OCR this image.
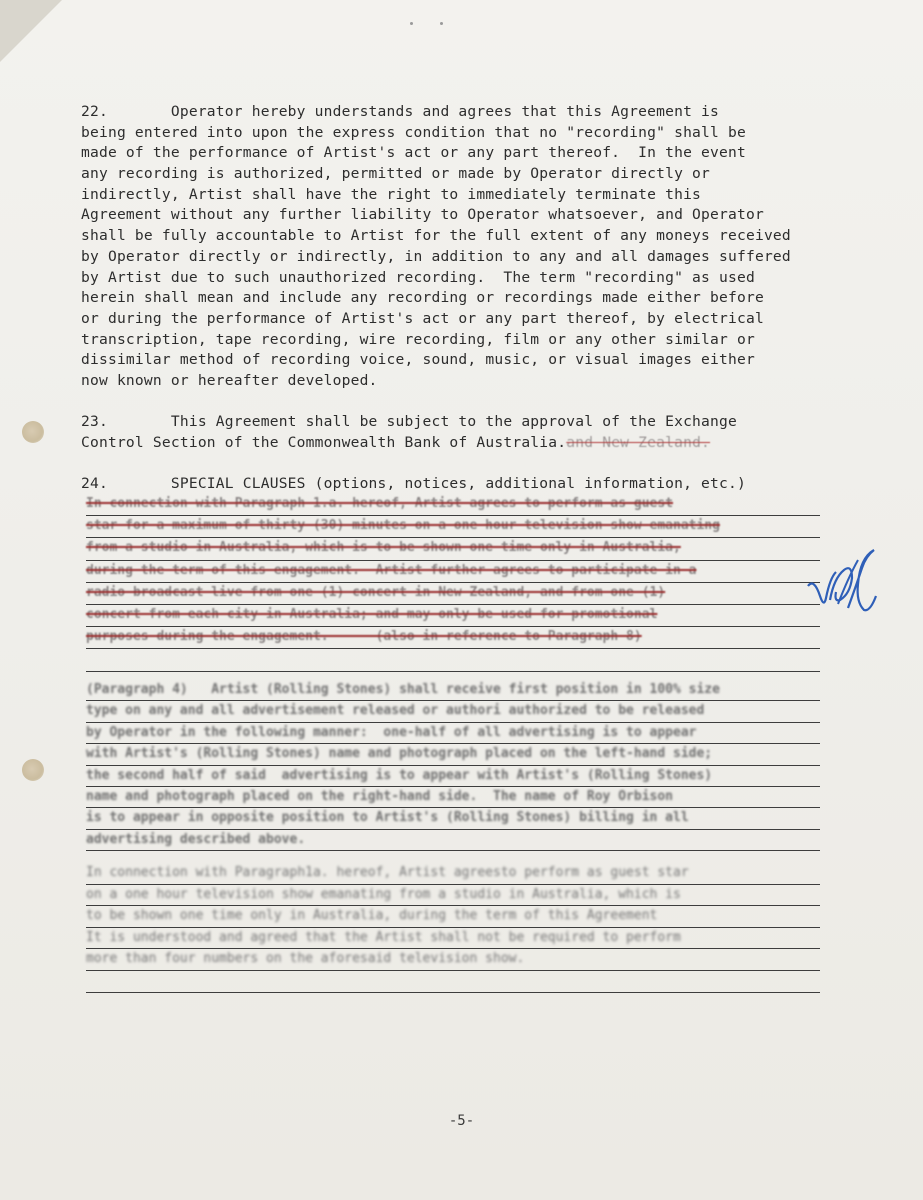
22.       Operator hereby understands and agrees that this Agreement is
being entered into upon the express condition that no "recording" shall be
made of the performance of Artist's act or any part thereof.  In the event
any recording is authorized, permitted or made by Operator directly or
indirectly, Artist shall have the right to immediately terminate this
Agreement without any further liability to Operator whatsoever, and Operator
shall be fully accountable to Artist for the full extent of any moneys received
by Operator directly or indirectly, in addition to any and all damages suffered
by Artist due to such unauthorized recording.  The term "recording" as used
herein shall mean and include any recording or recordings made either before
or during the performance of Artist's act or any part thereof, by electrical
transcription, tape recording, wire recording, film or any other similar or
dissimilar method of recording voice, sound, music, or visual images either
now known or hereafter developed.
23.       This Agreement shall be subject to the approval of the Exchange
Control Section of the Commonwealth Bank of Australia.and New Zealand.
24.       SPECIAL CLAUSES (options, notices, additional information, etc.)
In connection with Paragraph 1.a. hereof, Artist agrees to perform as guest
star for a maximum of thirty (30) minutes on a one-hour television show emanating
from a studio in Australia, which is to be shown one time only in Australia,
during the term of this engagement.  Artist further agrees to participate in a
radio broadcast live from one (1) concert in New Zealand, and from one (1)
concert from each city in Australia; and may only be used for promotional
purposes during the engagement.      (also in reference to Paragraph 8)
(Paragraph 4)   Artist (Rolling Stones) shall receive first position in 100% size
type on any and all advertisement released or authori authorized to be released
by Operator in the following manner:  one-half of all advertising is to appear
with Artist's (Rolling Stones) name and photograph placed on the left-hand side;
the second half of said  advertising is to appear with Artist's (Rolling Stones)
name and photograph placed on the right-hand side.  The name of Roy Orbison
is to appear in opposite position to Artist's (Rolling Stones) billing in all
advertising described above.
In connection with Paragraph1a. hereof, Artist agreesto perform as guest star
on a one hour television show emanating from a studio in Australia, which is
to be shown one time only in Australia, during the term of this Agreement
It is understood and agreed that the Artist shall not be required to perform
more than four numbers on the aforesaid television show.
-5-
